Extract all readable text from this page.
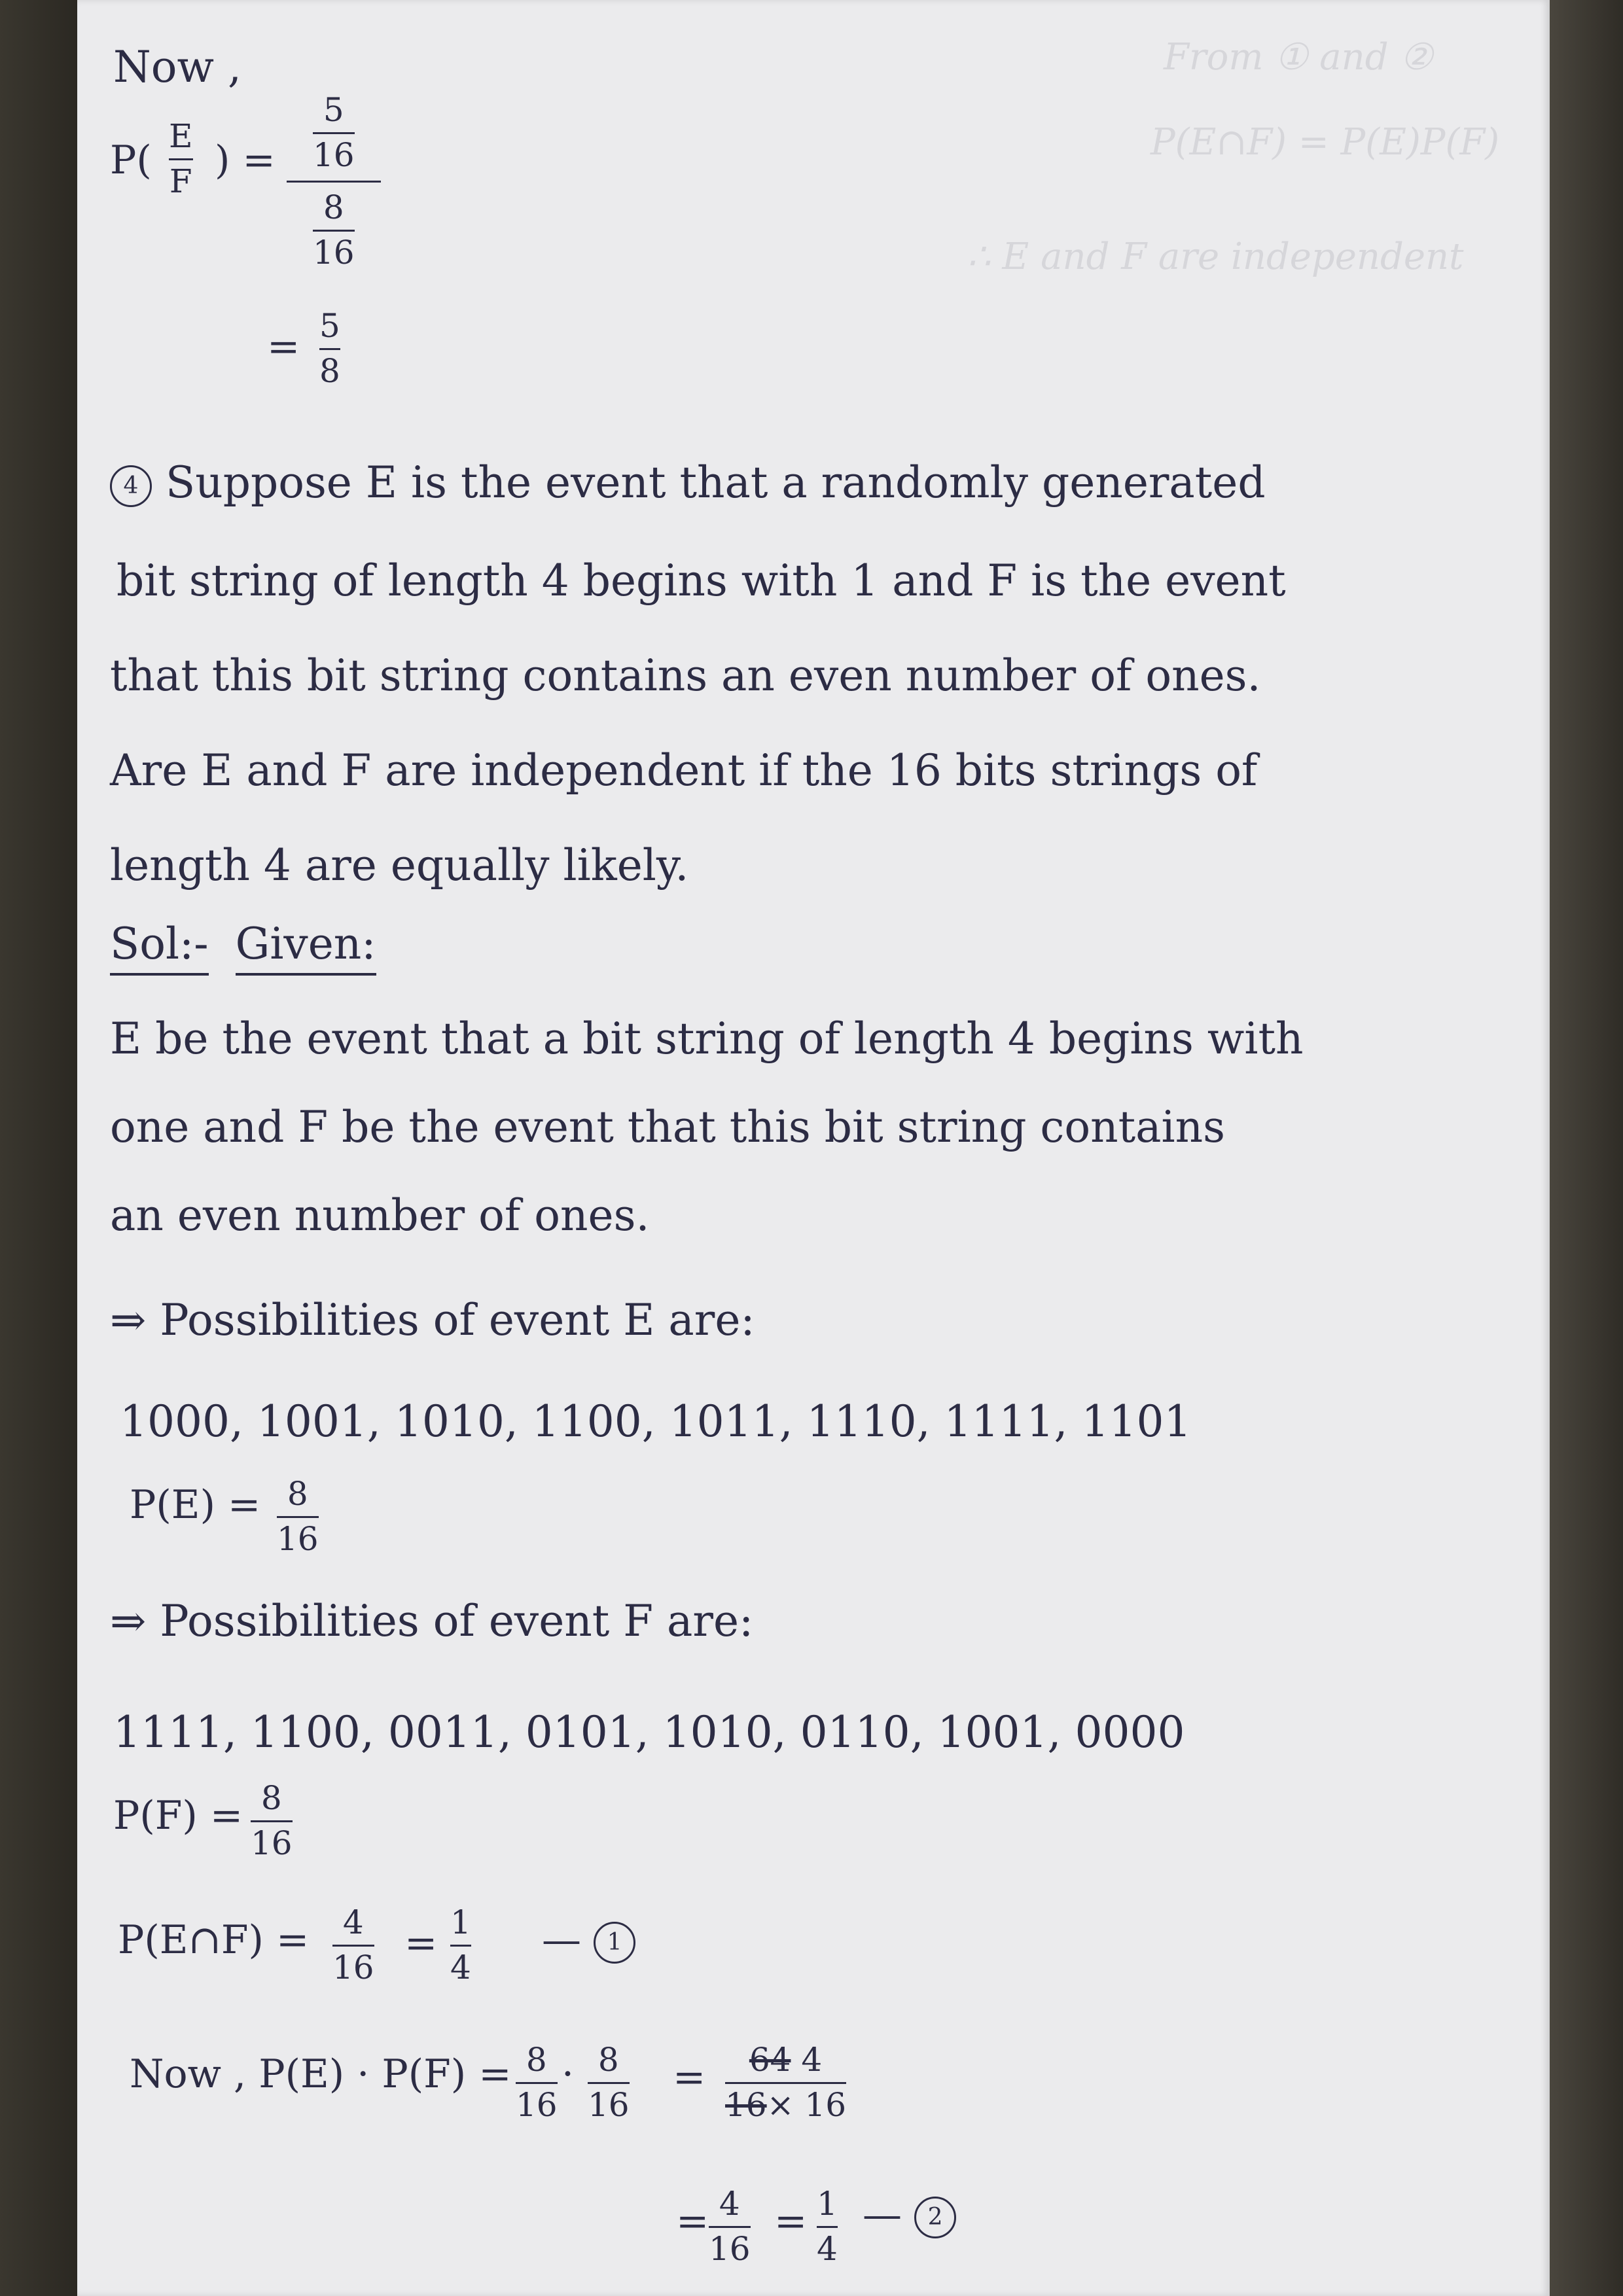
From ① and ②
P(E∩F) = P(E)P(F)
∴ E and F are independent
Now ,
P(
E
F ) = $\frac{5}{16}$
$\frac{8}{16}$
= 5
8
4 Suppose E is the event that a randomly generated
bit string of length 4 begins with 1 and F is the event
that this bit string contains an even number of ones.
Are E and F are independent if the 16 bits strings of
length 4 are equally likely.
Sol:- Given:
E be the event that a bit string of length 4 begins with
one and F be the event that this bit string contains
an even number of ones.
⇒ Possibilities of event E are:
1000, 1001, 1010, 1100, 1011, 1110, 1111, 1101
P(E) = 8
16
⇒ Possibilities of event F are:
1111, 1100, 0011, 0101, 1010, 0110, 1001, 0000
P(F) = 8
16
P(E∩F) = 4
16
= 1
4
— 1
Now , P(E) · P(F) = 8
16
· 8
16
= 64 4
16× 16
= 4
16
= 1
4
— 2
